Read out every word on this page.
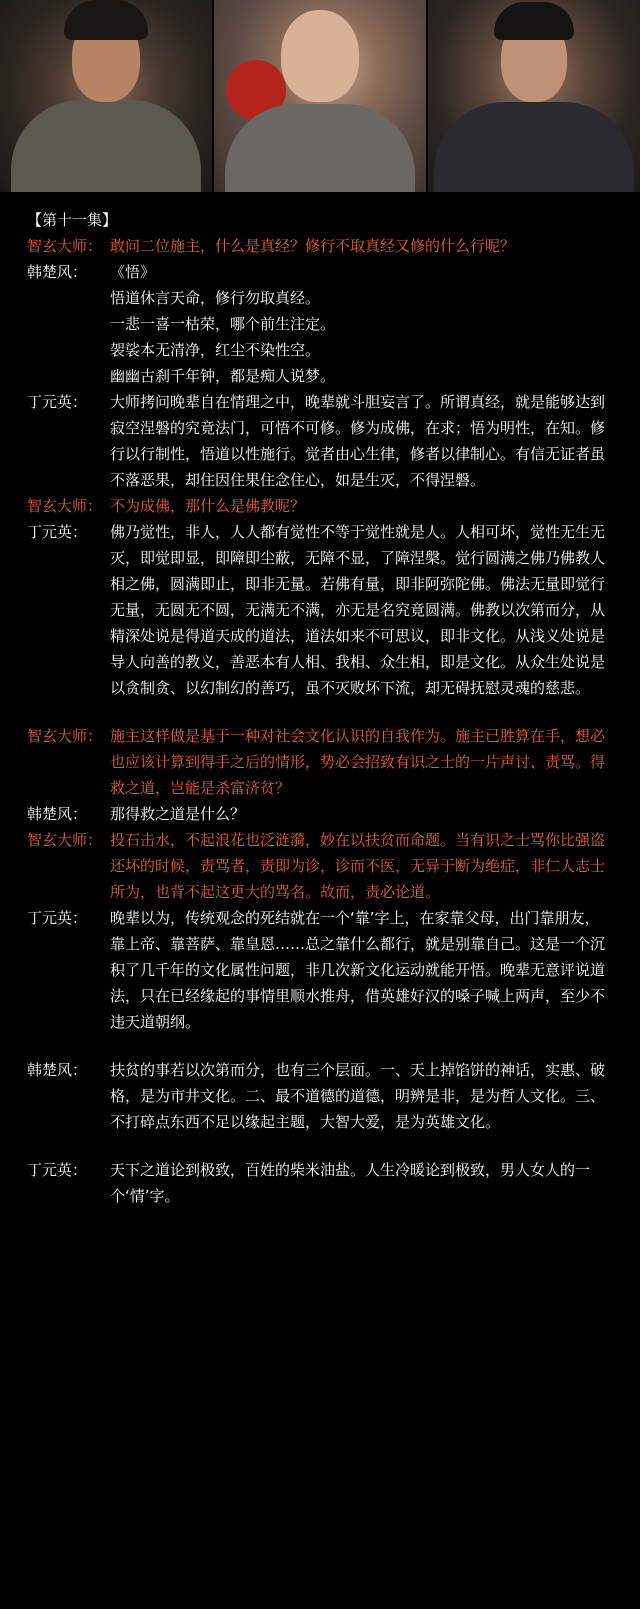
【第十一集】
智玄大师： 敢问二位施主，什么是真经？修行不取真经又修的什么行呢？
韩楚风：	《悟》
悟道休言天命，修行勿取真经。
一悲一喜一枯荣，哪个前生注定。
袈裟本无清净，红尘不染性空。
幽幽古刹千年钟，都是痴人说梦。
丁元英：	大师拷问晚辈自在情理之中，晚辈就斗胆妄言了。所谓真经，就是能够达到寂空涅磐的究竟法门，可悟不可修。修为成佛，在求；悟为明性，在知。修行以行制性，悟道以性施行。觉者由心生律，修者以律制心。有信无证者虽不落恶果，却住因住果住念住心，如是生灭，不得涅磐。
智玄大师： 不为成佛，那什么是佛教呢？
丁元英：	佛乃觉性，非人，人人都有觉性不等于觉性就是人。人相可坏，觉性无生无灭，即觉即显，即障即尘蔽，无障不显，了障涅槃。觉行圆满之佛乃佛教人相之佛，圆满即止，即非无量。若佛有量，即非阿弥陀佛。佛法无量即觉行无量，无圆无不圆，无满无不满，亦无是名究竟圆满。佛教以次第而分，从精深处说是得道天成的道法，道法如来不可思议，即非文化。从浅义处说是导人向善的教义，善恶本有人相、我相、众生相，即是文化。从众生处说是以贪制贪、以幻制幻的善巧，虽不灭败坏下流，却无碍抚慰灵魂的慈悲。
智玄大师： 施主这样做是基于一种对社会文化认识的自我作为。施主已胜算在手，想必也应该计算到得手之后的情形，势必会招致有识之士的一片声讨、责骂。得救之道，岂能是杀富济贫？
韩楚风：	那得救之道是什么？
智玄大师： 投石击水，不起浪花也泛涟漪，妙在以扶贫而命题。当有识之士骂你比强盗还坏的时候，责骂者，责即为诊，诊而不医，无异于断为绝症，非仁人志士所为，也背不起这更大的骂名。故而，责必论道。
丁元英：	晚辈以为，传统观念的死结就在一个‘靠’字上，在家靠父母，出门靠朋友，靠上帝、靠菩萨、靠皇恩……总之靠什么都行，就是别靠自己。这是一个沉积了几千年的文化属性问题，非几次新文化运动就能开悟。晚辈无意评说道法，只在已经缘起的事情里顺水推舟，借英雄好汉的嗓子喊上两声，至少不违天道朝纲。
韩楚风：	扶贫的事若以次第而分，也有三个层面。一、天上掉馅饼的神话，实惠、破格，是为市井文化。二、最不道德的道德，明辨是非，是为哲人文化。三、不打碎点东西不足以缘起主题，大智大爱，是为英雄文化。
丁元英：	天下之道论到极致，百姓的柴米油盐。人生冷暖论到极致，男人女人的一个‘情’字。
